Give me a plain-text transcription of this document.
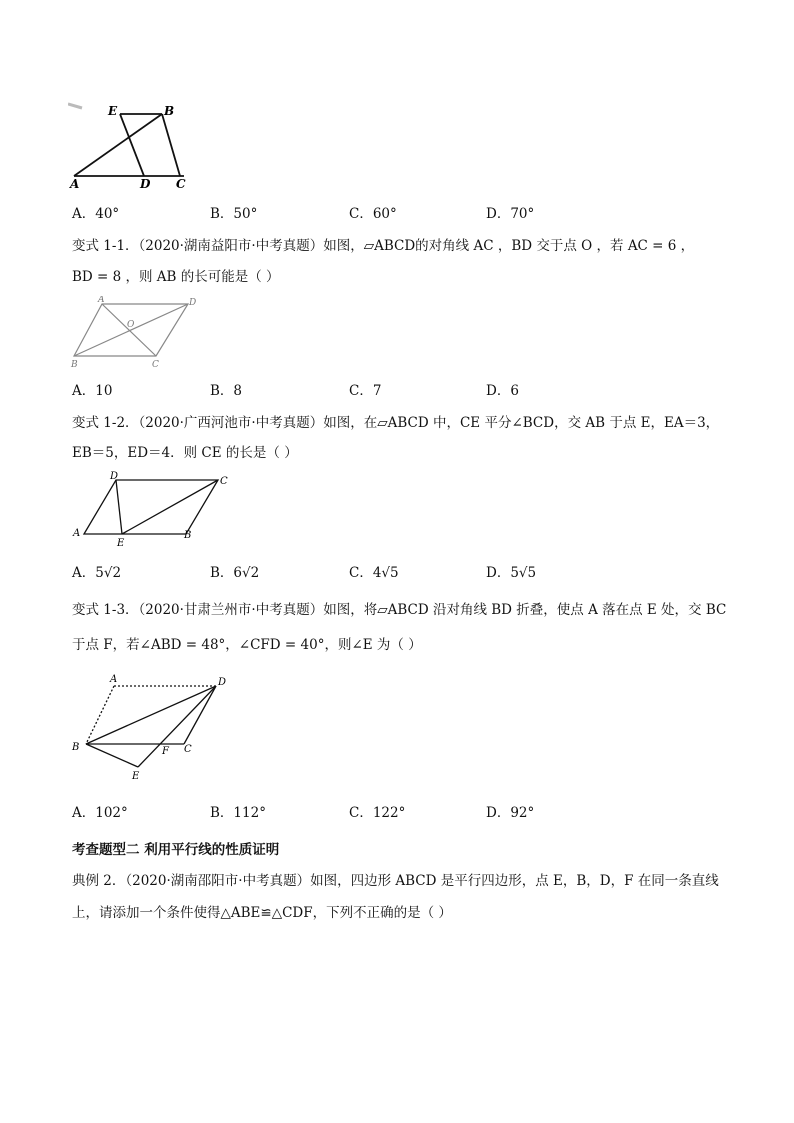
E	B
A	D C
A．40°	B．50°	C．60°	D．70°
变式 1-1．（2020·湖南益阳市·中考真题）如图，▱ABCD的对角线 AC ，BD 交于点 O ，若 AC = 6 ，
BD = 8 ，则 AB 的长可能是（ ）
A	D
O
B	C
A．10	B．8	C．7	D．6
变式 1-2．（2020·广西河池市·中考真题）如图，在▱ABCD 中，CE 平分∠BCD，交 AB 于点 E，EA＝3，
EB＝5，ED＝4．则 CE 的长是（ ）
D	C
A
E
B
A．5√2	B．6√2	C．4√5	D．5√5
变式 1-3．（2020·甘肃兰州市·中考真题）如图，将▱ABCD 沿对角线 BD 折叠，使点 A 落在点 E 处，交 BC
于点 F，若∠ABD = 48°，∠CFD = 40°，则∠E 为（ ）
A	D
B	F C
E
A．102°	B．112°	C．122°	D．92°
考查题型二 利用平行线的性质证明
典例 2．（2020·湖南邵阳市·中考真题）如图，四边形 ABCD 是平行四边形，点 E，B，D，F 在同一条直线
上，请添加一个条件使得△ABE≌△CDF，下列不正确的是（ ）
